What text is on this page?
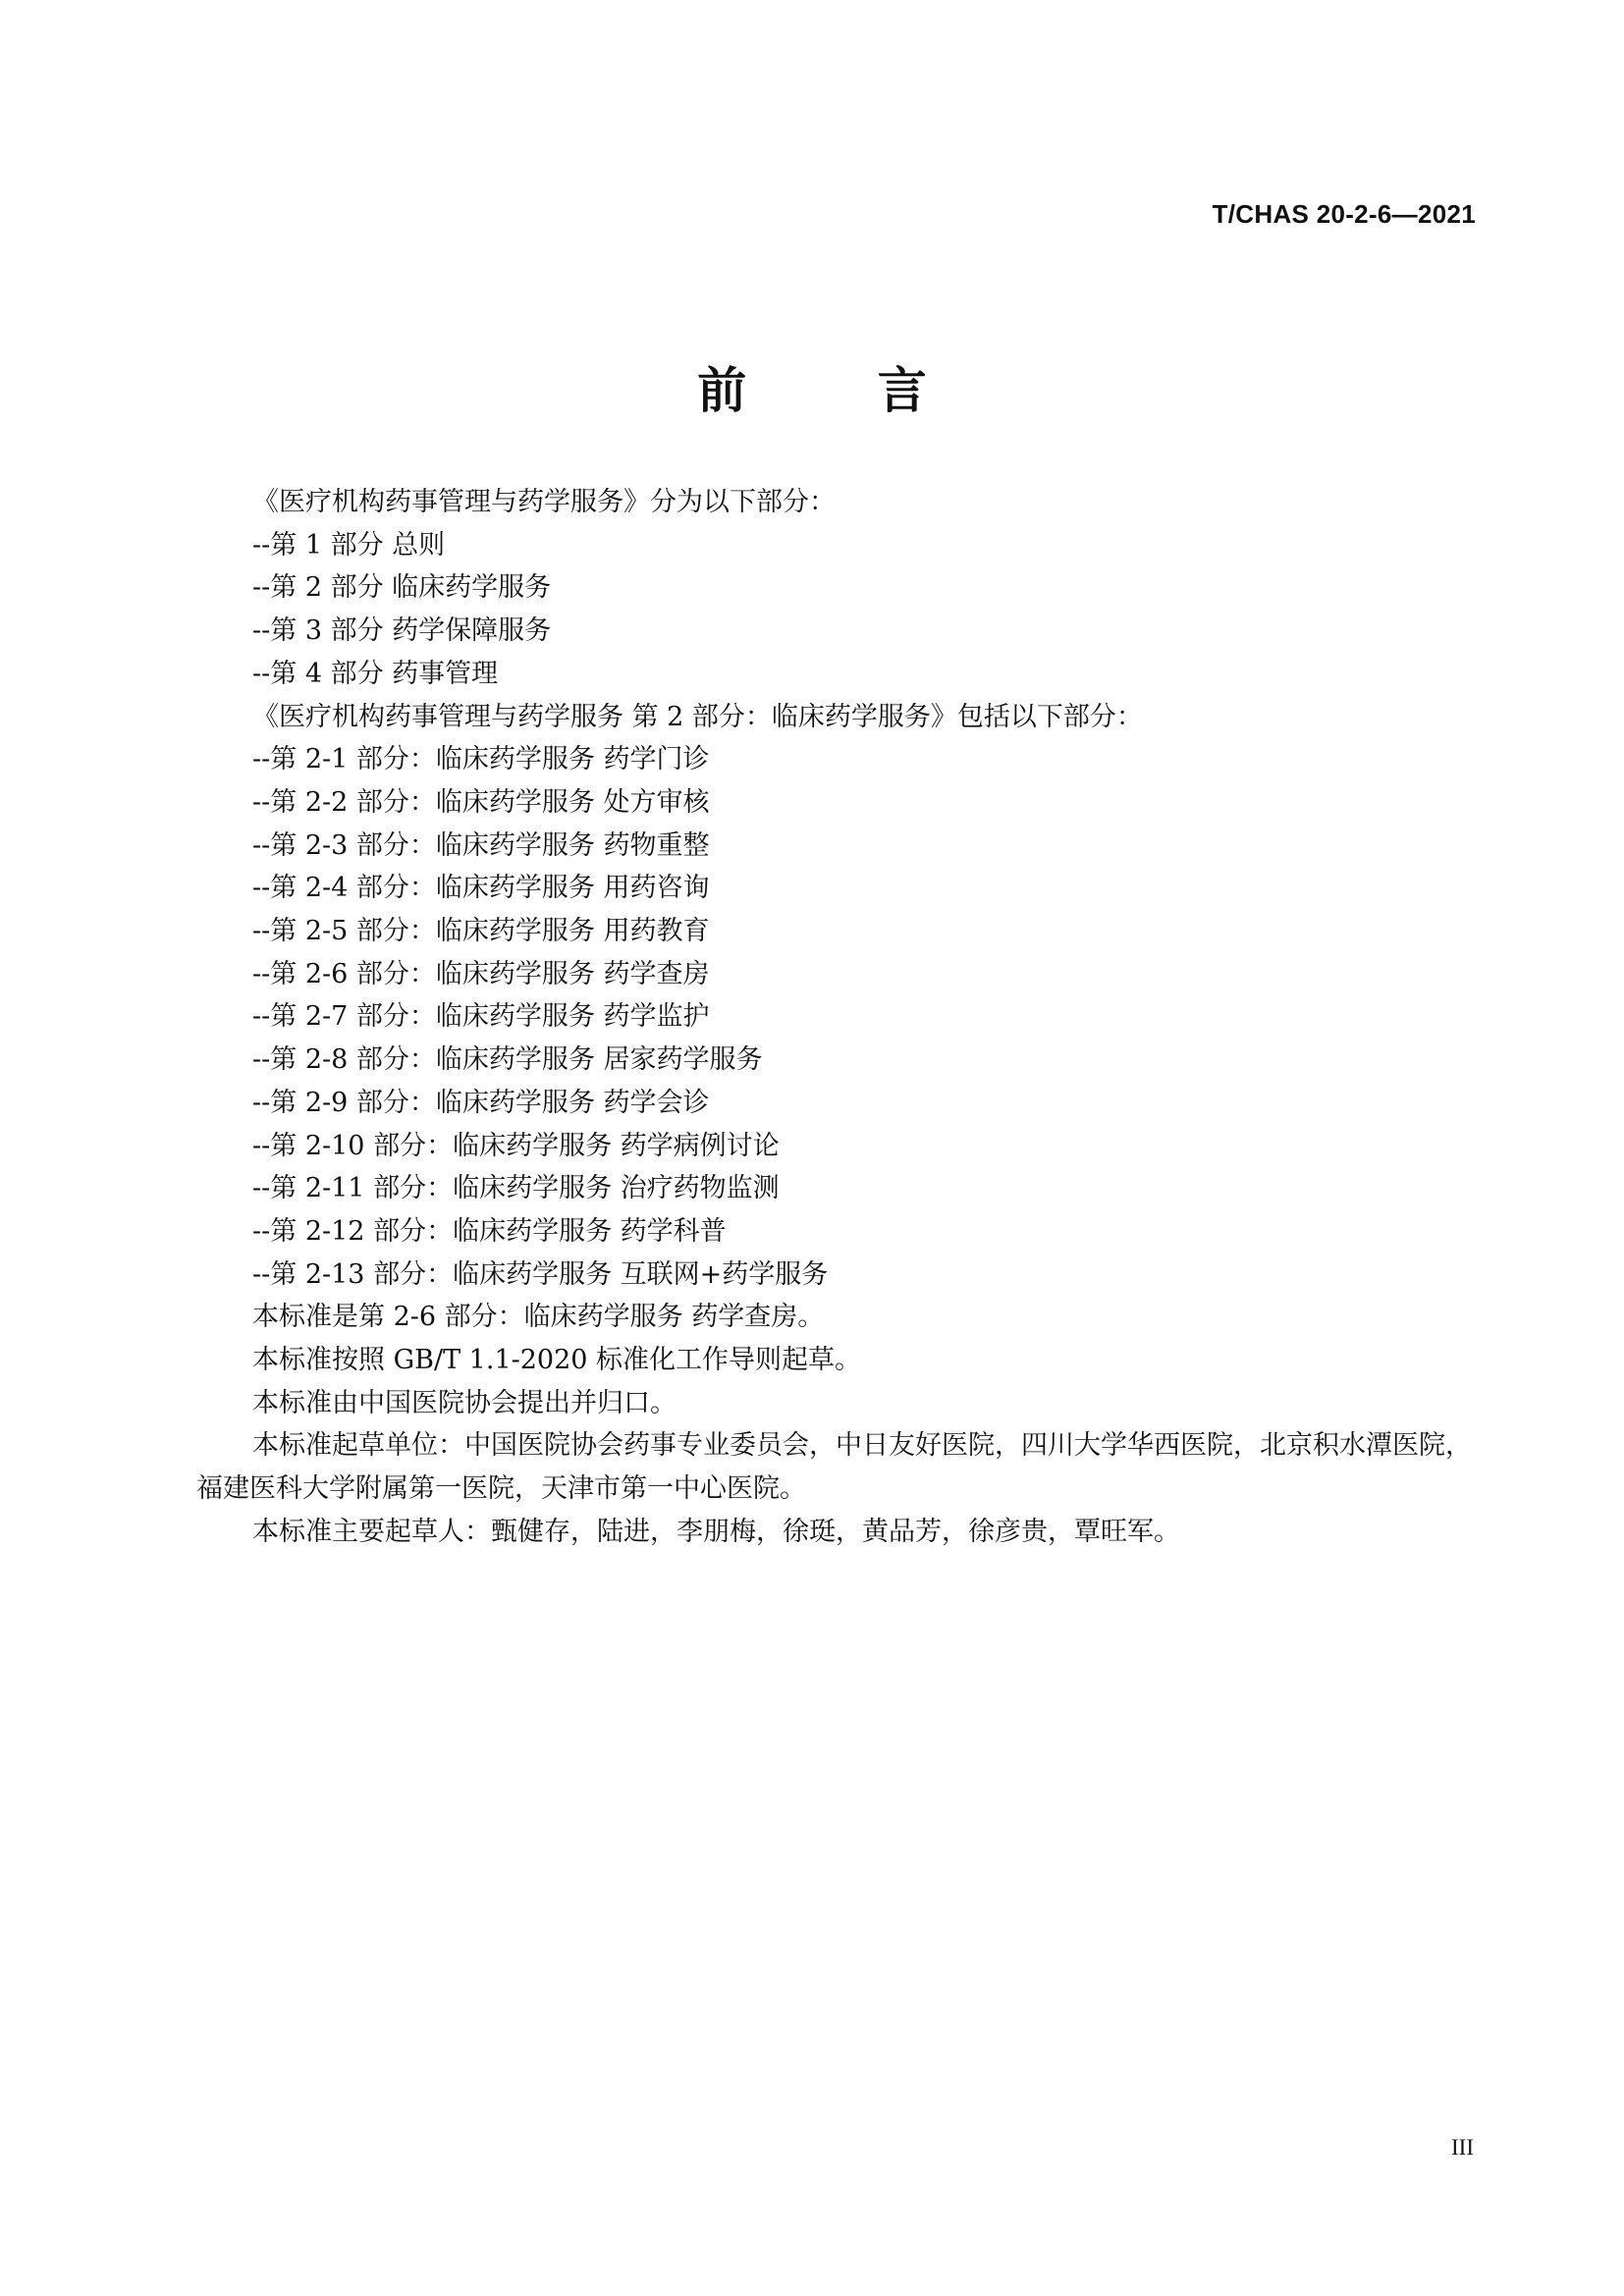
T/CHAS 20-2-6—2021
前 言

《医疗机构药事管理与药学服务》分为以下部分：

--第 1 部分 总则

--第 2 部分 临床药学服务

--第 3 部分 药学保障服务

--第 4 部分 药事管理

《医疗机构药事管理与药学服务 第 2 部分：临床药学服务》包括以下部分：

--第 2-1 部分：临床药学服务 药学门诊

--第 2-2 部分：临床药学服务 处方审核

--第 2-3 部分：临床药学服务 药物重整

--第 2-4 部分：临床药学服务 用药咨询

--第 2-5 部分：临床药学服务 用药教育

--第 2-6 部分：临床药学服务 药学查房

--第 2-7 部分：临床药学服务 药学监护

--第 2-8 部分：临床药学服务 居家药学服务

--第 2-9 部分：临床药学服务 药学会诊

--第 2-10 部分：临床药学服务 药学病例讨论

--第 2-11 部分：临床药学服务 治疗药物监测

--第 2-12 部分：临床药学服务 药学科普

--第 2-13 部分：临床药学服务 互联网+药学服务

本标准是第 2-6 部分：临床药学服务 药学查房。

本标准按照 GB/T 1.1-2020 标准化工作导则起草。

本标准由中国医院协会提出并归口。

本标准起草单位：中国医院协会药事专业委员会，中日友好医院，四川大学华西医院，北京积水潭医院，福建医科大学附属第一医院，天津市第一中心医院。

本标准主要起草人：甄健存，陆进，李朋梅，徐珽，黄品芳，徐彦贵，覃旺军。

III
